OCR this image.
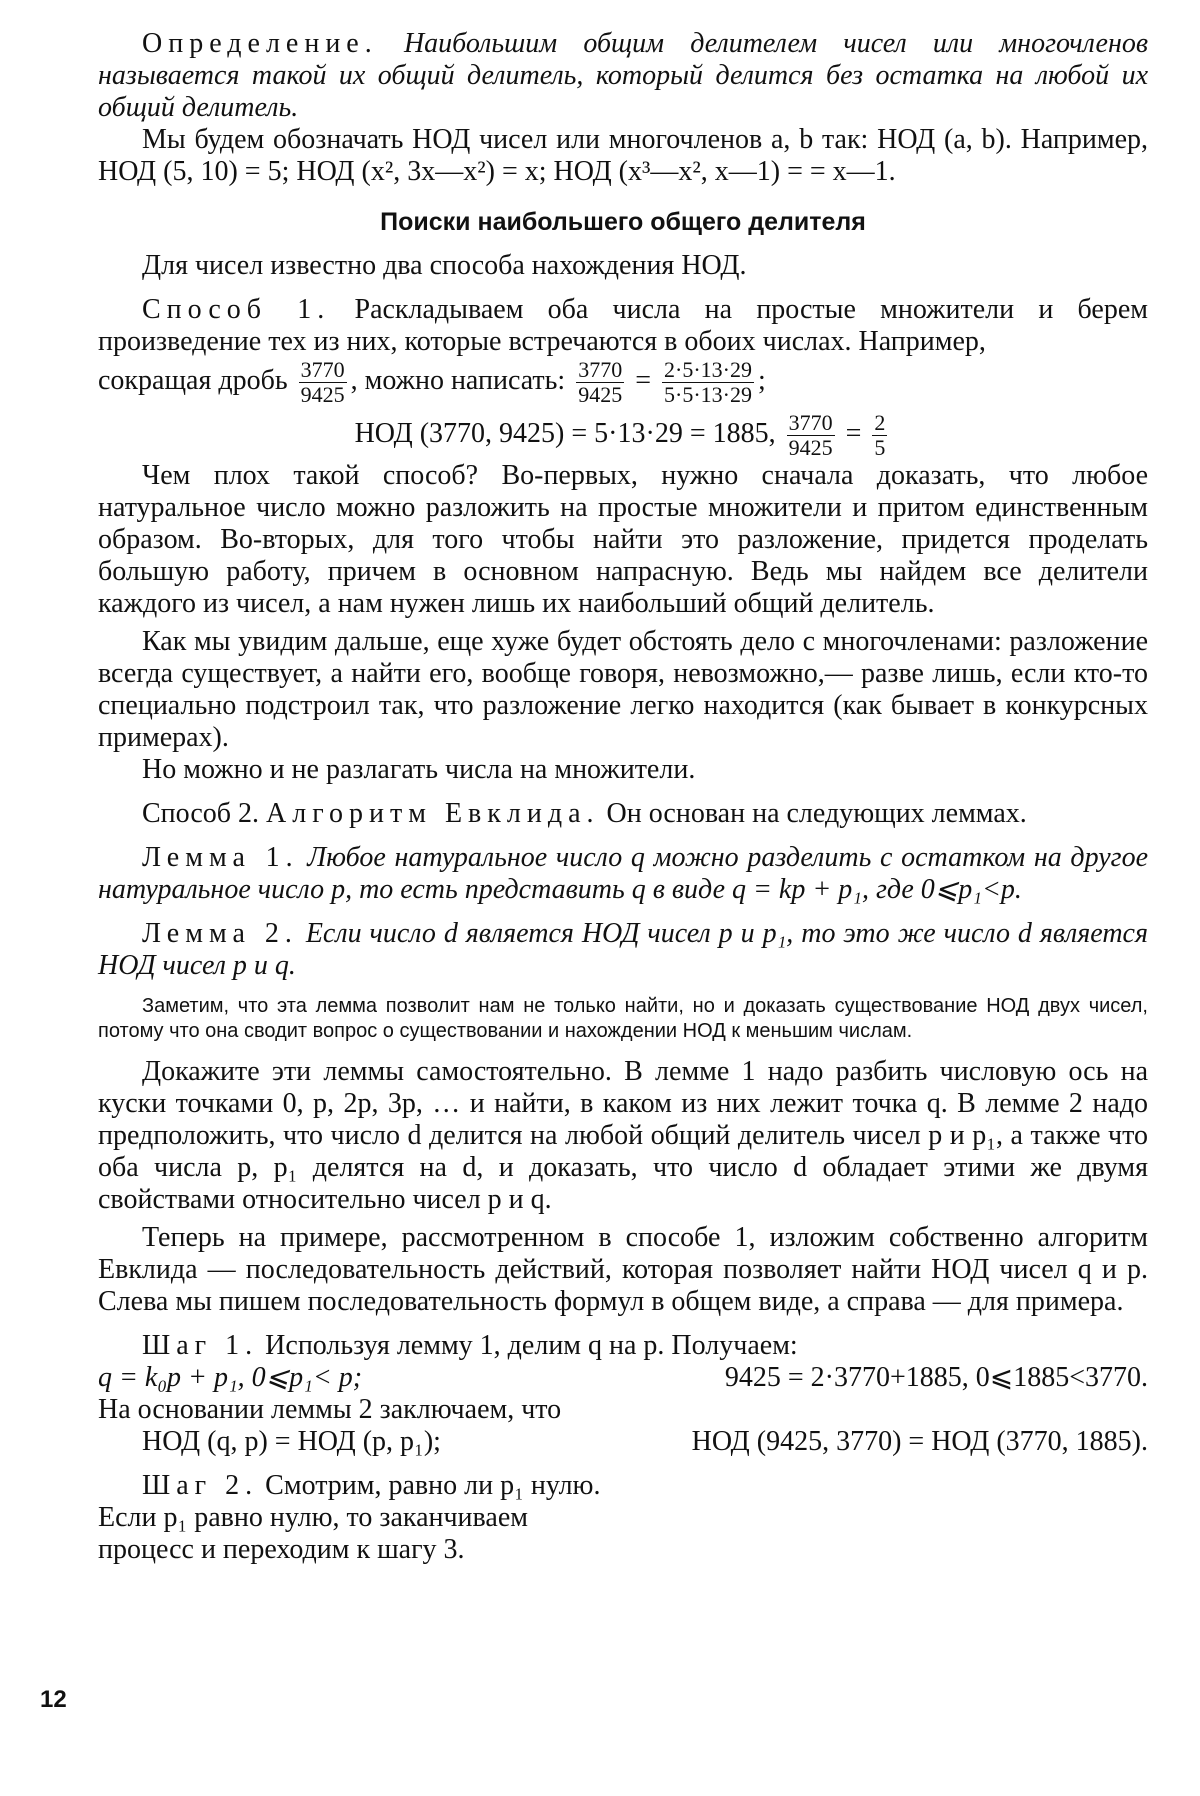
Определение. Наибольшим общим делителем чисел или многочленов называется такой их общий делитель, который делится без остатка на любой их общий делитель.

Мы будем обозначать НОД чисел или многочленов a, b так: НОД (a, b). Например, НОД (5, 10) = 5; НОД (x², 3x—x²) = x; НОД (x³—x², x—1) = = x—1.

Поиски наибольшего общего делителя

Для чисел известно два способа нахождения НОД.

Способ 1. Раскладываем оба числа на простые множители и берем произведение тех из них, которые встречаются в обоих числах. Например,

сокращая дробь $\frac{3770}{9425}$ , можно написать: $\frac{3770}{9425} = \frac{2\cdot 5\cdot 13\cdot 29}{5\cdot 5\cdot 13\cdot 29}$ ;

НОД (3770, 9425) = 5·13·29 = 1885, $\frac{3770}{9425} = \frac{2}{5}$

Чем плох такой способ? Во-первых, нужно сначала доказать, что любое натуральное число можно разложить на простые множители и притом единственным образом. Во-вторых, для того чтобы найти это разложение, придется проделать большую работу, причем в основном напрасную. Ведь мы найдем все делители каждого из чисел, а нам нужен лишь их наибольший общий делитель.

Как мы увидим дальше, еще хуже будет обстоять дело с многочленами: разложение всегда существует, а найти его, вообще говоря, невозможно,— разве лишь, если кто-то специально подстроил так, что разложение легко находится (как бывает в конкурсных примерах).

Но можно и не разлагать числа на множители.

Способ 2. Алгоритм Евклида. Он основан на следующих леммах.

Лемма 1. Любое натуральное число q можно разделить с остатком на другое натуральное число p, то есть представить q в виде q = kp + p₁, где 0⩽p₁<p.

Лемма 2. Если число d является НОД чисел p и p₁, то это же число d является НОД чисел p и q.

Заметим, что эта лемма позволит нам не только найти, но и доказать существование НОД двух чисел, потому что она сводит вопрос о существовании и нахождении НОД к меньшим числам.

Докажите эти леммы самостоятельно. В лемме 1 надо разбить числовую ось на куски точками 0, p, 2p, 3p, … и найти, в каком из них лежит точка q. В лемме 2 надо предположить, что число d делится на любой общий делитель чисел p и p₁, а также что оба числа p, p₁ делятся на d, и доказать, что число d обладает этими же двумя свойствами относительно чисел p и q.

Теперь на примере, рассмотренном в способе 1, изложим собственно алгоритм Евклида — последовательность действий, которая позволяет найти НОД чисел q и p. Слева мы пишем последовательность формул в общем виде, а справа — для примера.

Шаг 1. Используя лемму 1, делим q на p. Получаем:

q = k₀p + p₁, 0⩽p₁< p;	9425 = 2·3770+1885, 0⩽1885<3770.

На основании леммы 2 заключаем, что

НОД (q, p) = НОД (p, p₁);	НОД (9425, 3770) = НОД (3770, 1885).

Шаг 2. Смотрим, равно ли p₁ нулю.

Если p₁ равно нулю, то заканчиваем

процесс и переходим к шагу 3.

12
